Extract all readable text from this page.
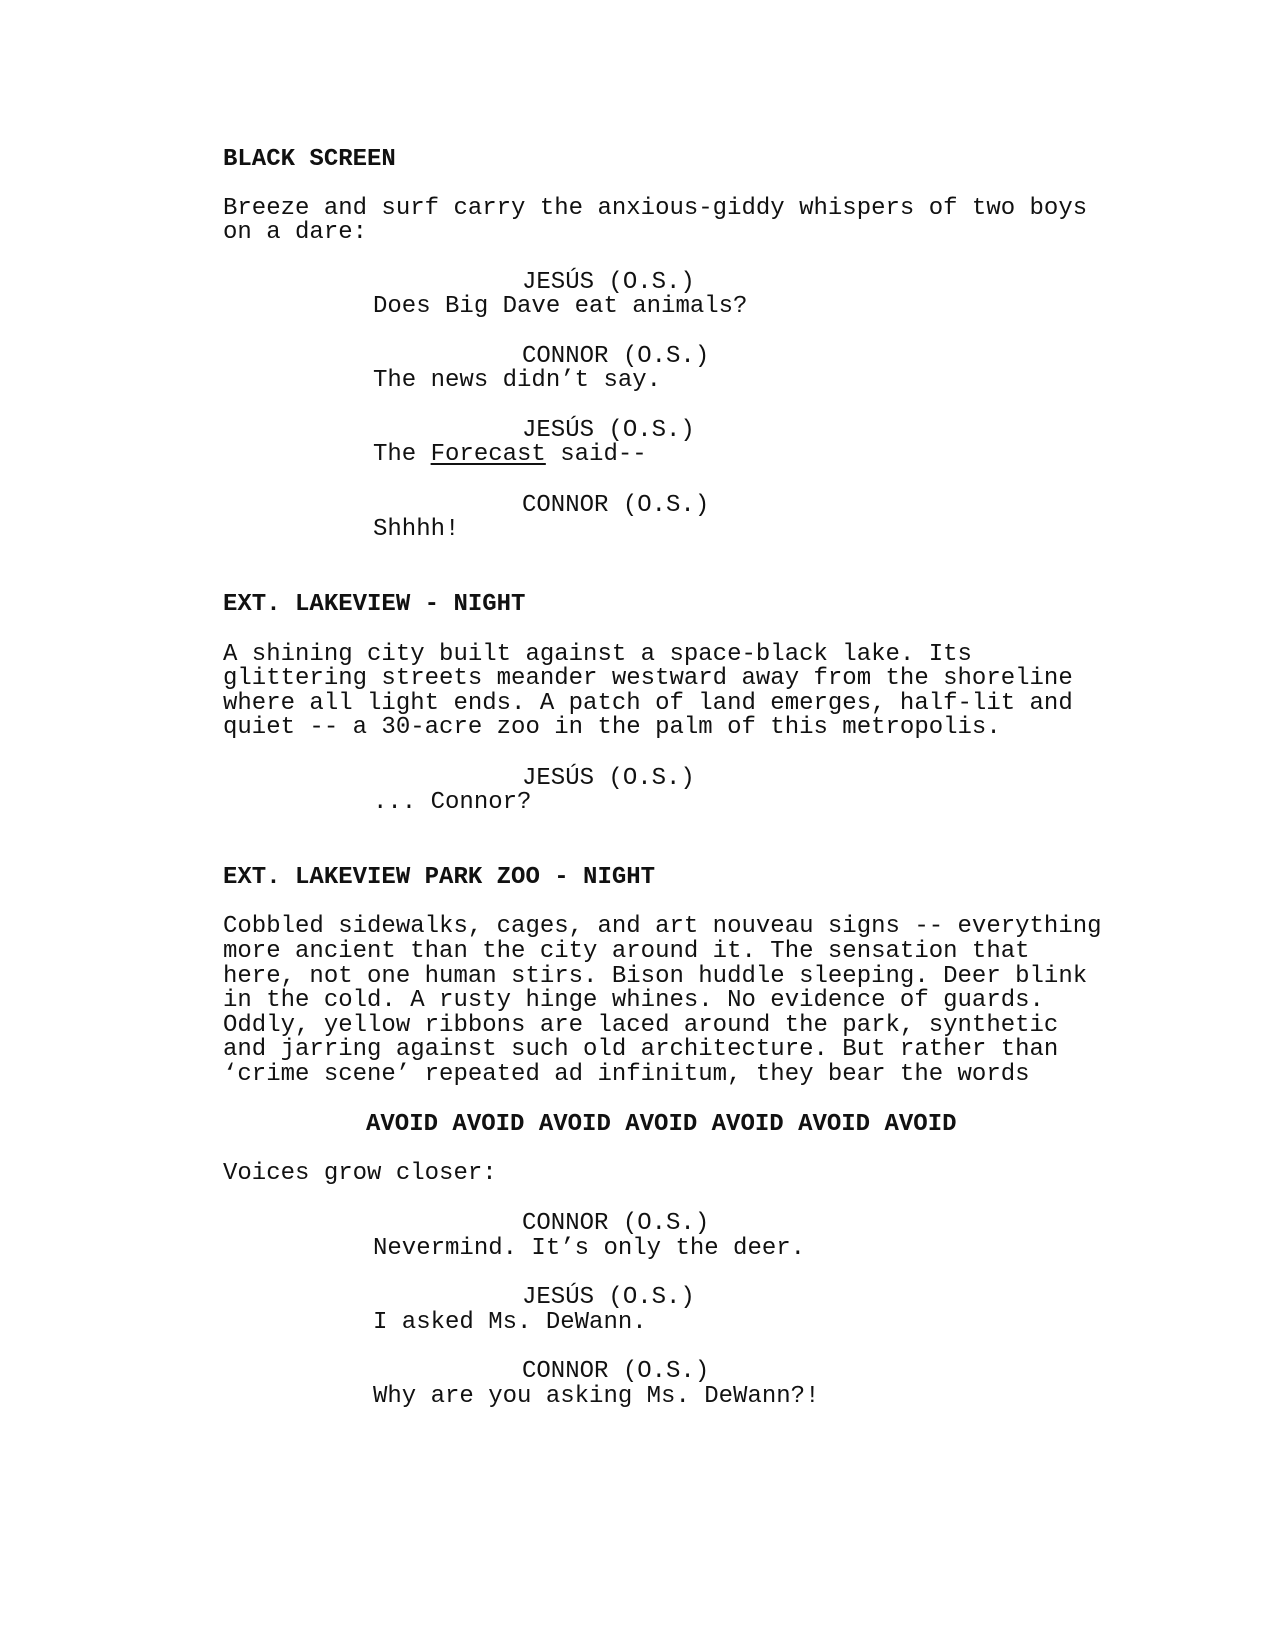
BLACK SCREEN

Breeze and surf carry the anxious-giddy whispers of two boys

on a dare:

JESÚS (O.S.)

Does Big Dave eat animals?

CONNOR (O.S.)

The news didn’t say.

JESÚS (O.S.)

The Forecast said--

CONNOR (O.S.)

Shhhh!

EXT. LAKEVIEW - NIGHT

A shining city built against a space-black lake. Its

glittering streets meander westward away from the shoreline

where all light ends. A patch of land emerges, half-lit and

quiet -- a 30-acre zoo in the palm of this metropolis.

JESÚS (O.S.)

... Connor?

EXT. LAKEVIEW PARK ZOO - NIGHT

Cobbled sidewalks, cages, and art nouveau signs -- everything

more ancient than the city around it. The sensation that

here, not one human stirs. Bison huddle sleeping. Deer blink

in the cold. A rusty hinge whines. No evidence of guards.

Oddly, yellow ribbons are laced around the park, synthetic

and jarring against such old architecture. But rather than

‘crime scene’ repeated ad infinitum, they bear the words

AVOID AVOID AVOID AVOID AVOID AVOID AVOID

Voices grow closer:

CONNOR (O.S.)

Nevermind. It’s only the deer.

JESÚS (O.S.)

I asked Ms. DeWann.

CONNOR (O.S.)

Why are you asking Ms. DeWann?!
